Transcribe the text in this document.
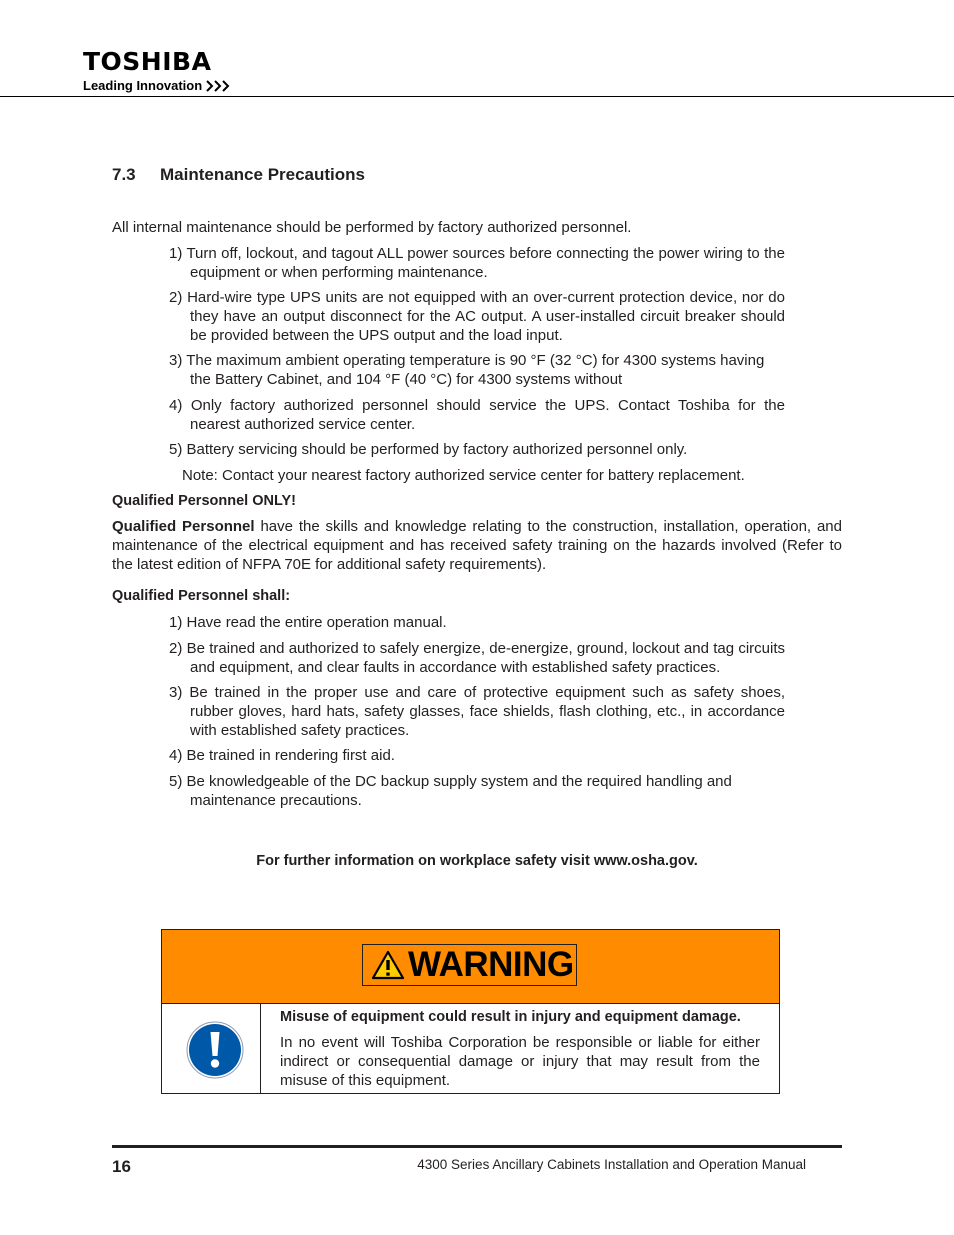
TOSHIBA
Leading Innovation
7.3 Maintenance Precautions
All internal maintenance should be performed by factory authorized personnel.
1) Turn off, lockout, and tagout ALL power sources before connecting the power wiring to the equipment or when performing maintenance.
2) Hard-wire type UPS units are not equipped with an over-current protection device, nor do they have an output disconnect for the AC output. A user-installed circuit breaker should be provided between the UPS output and the load input.
3) The maximum ambient operating temperature is 90 °F (32 °C) for 4300 systems having the Battery Cabinet, and 104 °F (40 °C) for 4300 systems without
4) Only factory authorized personnel should service the UPS. Contact Toshiba for the nearest authorized service center.
5) Battery servicing should be performed by factory authorized personnel only.
Note: Contact your nearest factory authorized service center for battery replacement.
Qualified Personnel ONLY!
Qualified Personnel have the skills and knowledge relating to the construction, installation, operation, and maintenance of the electrical equipment and has received safety training on the hazards involved (Refer to the latest edition of NFPA 70E for additional safety requirements).
Qualified Personnel shall:
1) Have read the entire operation manual.
2) Be trained and authorized to safely energize, de-energize, ground, lockout and tag circuits and equipment, and clear faults in accordance with established safety practices.
3) Be trained in the proper use and care of protective equipment such as safety shoes, rubber gloves, hard hats, safety glasses, face shields, flash clothing, etc., in accordance with established safety practices.
4) Be trained in rendering first aid.
5) Be knowledgeable of the DC backup supply system and the required handling and maintenance precautions.
For further information on workplace safety visit www.osha.gov.
WARNING
Misuse of equipment could result in injury and equipment damage.
In no event will Toshiba Corporation be responsible or liable for either indirect or consequential damage or injury that may result from the misuse of this equipment.
16	4300 Series Ancillary Cabinets Installation and Operation Manual
